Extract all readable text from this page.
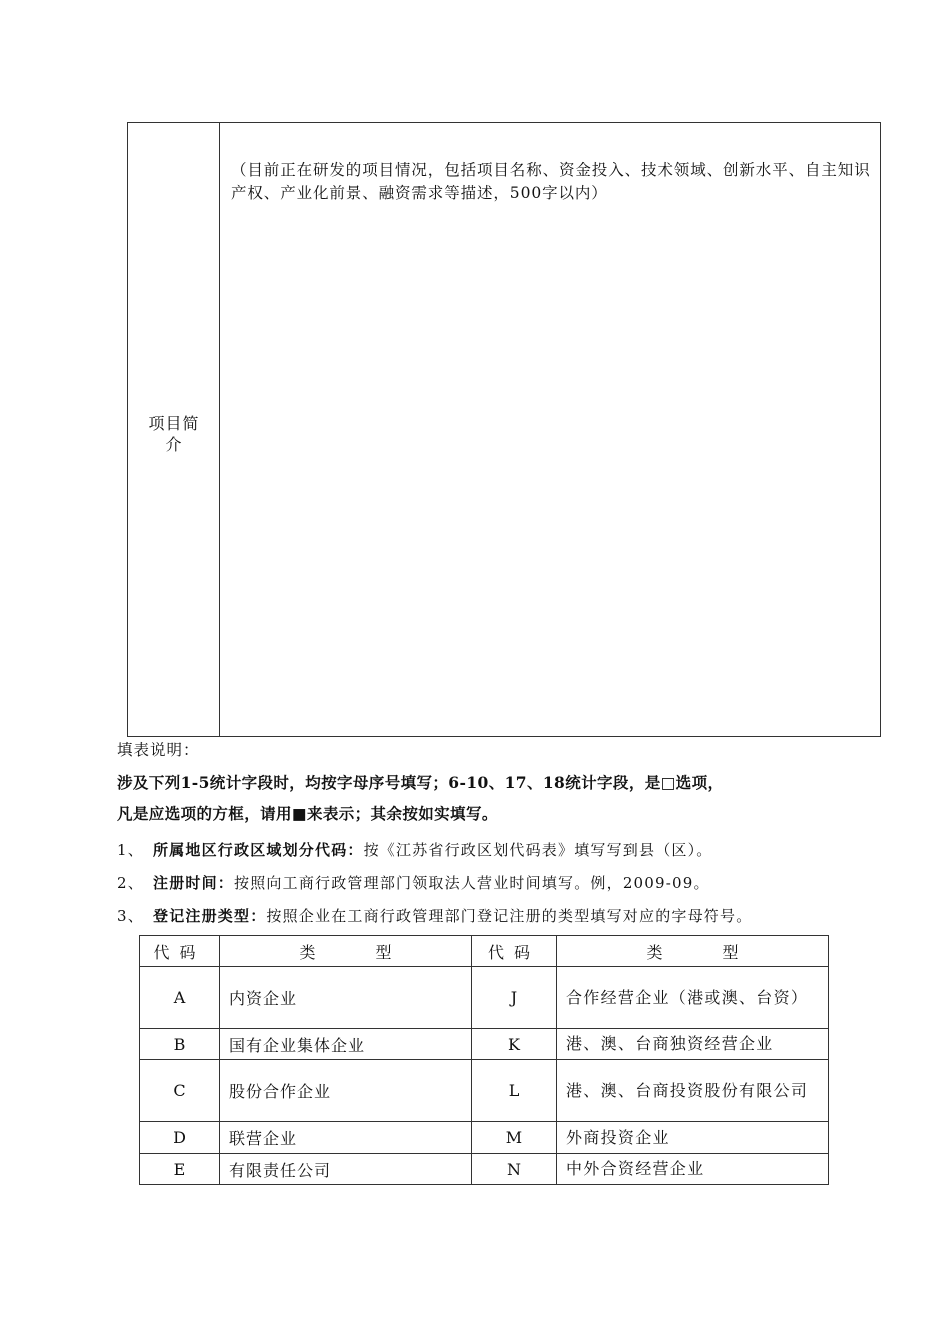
项目简介
（目前正在研发的项目情况，包括项目名称、资金投入、技术领域、创新水平、自主知识产权、产业化前景、融资需求等描述，500字以内）
填表说明：
涉及下列1-5统计字段时，均按字母序号填写；6-10、17、18统计字段，是□选项，
凡是应选项的方框，请用■来表示；其余按如实填写。
1、 所属地区行政区域划分代码：按《江苏省行政区划代码表》填写写到县（区）。
2、 注册时间：按照向工商行政管理部门领取法人营业时间填写。例，2009-09。
3、 登记注册类型：按照企业在工商行政管理部门登记注册的类型填写对应的字母符号。
代码	类型	代码	类型
A	内资企业	J	合作经营企业（港或澳、台资）
B	国有企业集体企业	K	港、澳、台商独资经营企业
C	股份合作企业	L	港、澳、台商投资股份有限公司
D	联营企业	M	外商投资企业
E	有限责任公司	N	中外合资经营企业
